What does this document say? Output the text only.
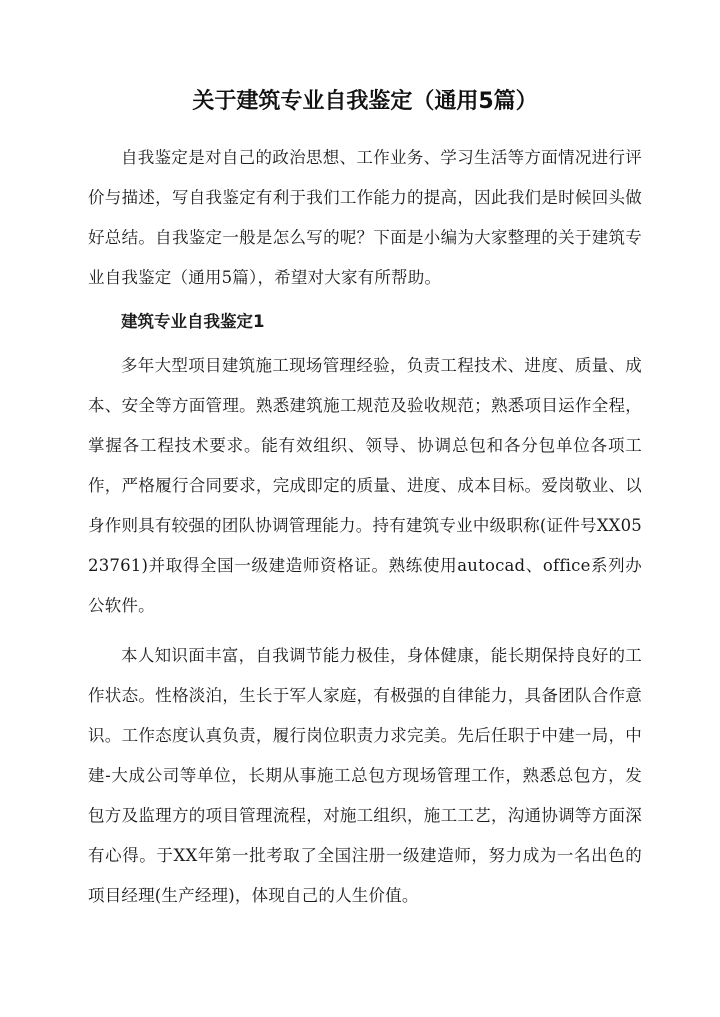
关于建筑专业自我鉴定（通用5篇）

自我鉴定是对自己的政治思想、工作业务、学习生活等方面情况进行评价与描述，写自我鉴定有利于我们工作能力的提高，因此我们是时候回头做好总结。自我鉴定一般是怎么写的呢？下面是小编为大家整理的关于建筑专业自我鉴定（通用5篇），希望对大家有所帮助。

建筑专业自我鉴定1

多年大型项目建筑施工现场管理经验，负责工程技术、进度、质量、成本、安全等方面管理。熟悉建筑施工规范及验收规范；熟悉项目运作全程，掌握各工程技术要求。能有效组织、领导、协调总包和各分包单位各项工作，严格履行合同要求，完成即定的质量、进度、成本目标。爱岗敬业、以身作则具有较强的团队协调管理能力。持有建筑专业中级职称(证件号XX0523761)并取得全国一级建造师资格证。熟练使用autocad、office系列办公软件。

本人知识面丰富，自我调节能力极佳，身体健康，能长期保持良好的工作状态。性格淡泊，生长于军人家庭，有极强的自律能力，具备团队合作意识。工作态度认真负责，履行岗位职责力求完美。先后任职于中建一局，中建-大成公司等单位，长期从事施工总包方现场管理工作，熟悉总包方，发包方及监理方的项目管理流程，对施工组织，施工工艺，沟通协调等方面深有心得。于XX年第一批考取了全国注册一级建造师，努力成为一名出色的项目经理(生产经理)，体现自己的人生价值。
